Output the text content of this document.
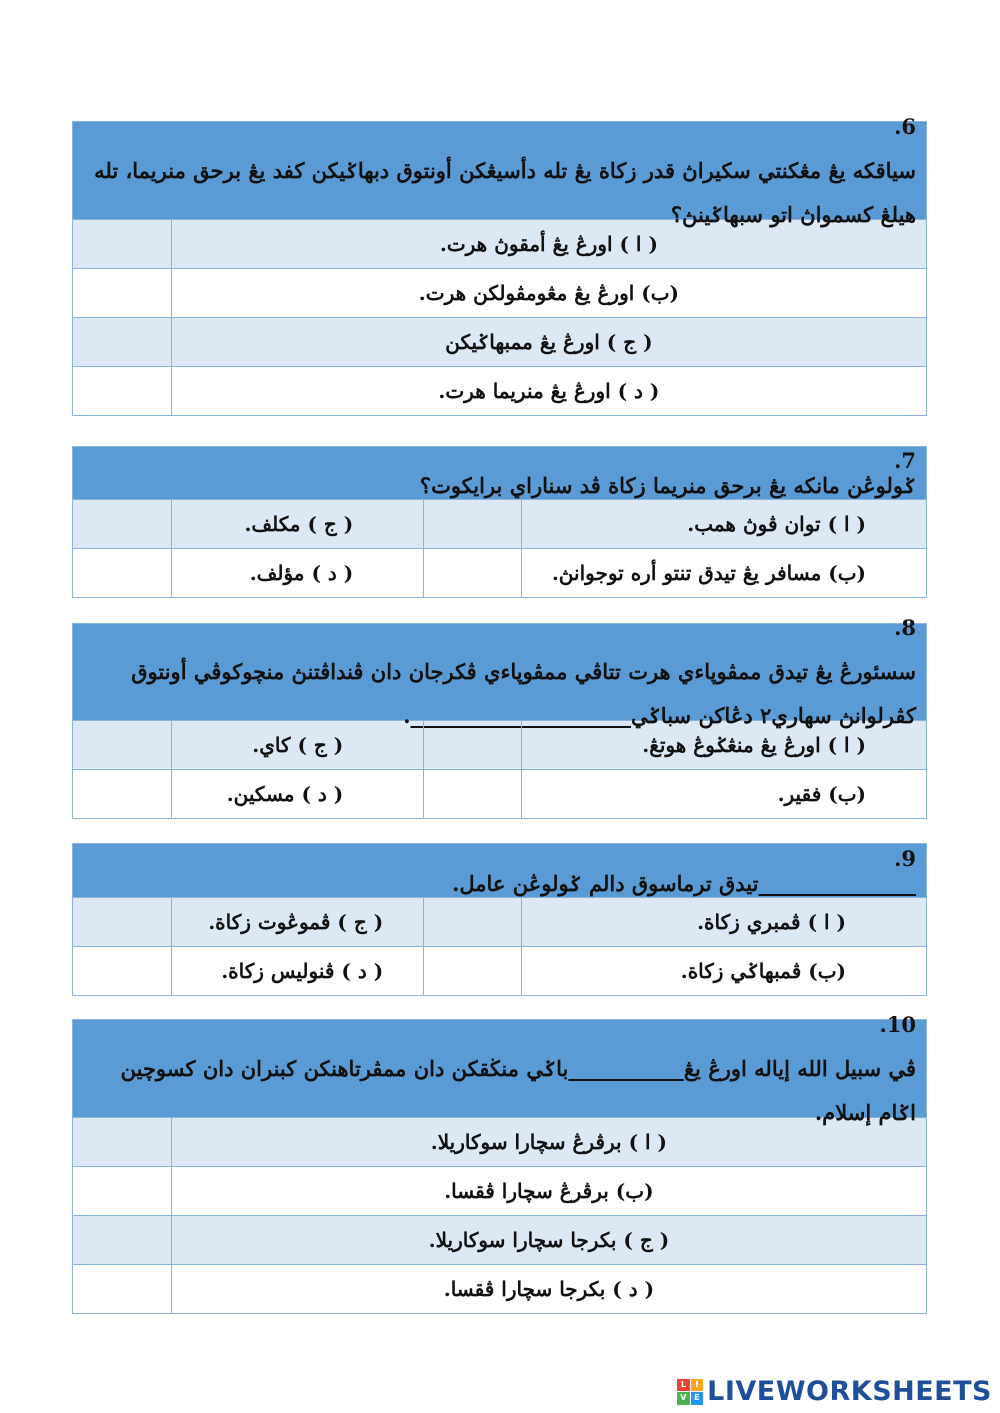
6.
سياقكه يڠ مڠكنتي سكيراڽ قدر زكاة يڠ تله دأسيڠكن أونتوق دبهاݢيكن كفد يڠ برحق منريما، تله هيلڠ كسمواڽ اتو سبهاݢينڽ؟
( ا ) اورڠ يڠ أمقوڽ هرت.
(ب) اورڠ يڠ مڠومڤولكن هرت.
( ج ) اورڠ يڠ ممبهاݢيكن
( د ) اورڠ يڠ منريما هرت.
7.
ݢولوڠن مانكه يڠ برحق منريما زكاة ڤد سناراي برايكوت؟
( ا ) توان ڤوڽ همب.
( ج ) مكلف.
(ب) مسافر يڠ تيدق تنتو أره توجوانڽ.
( د ) مؤلف.
8.
سسئورڠ يڠ تيدق ممڤوڽاءي هرت تتاڤي ممڤوڽاءي ڤكرجان دان ڤنداڤتنڽ منچوكوڤي أونتوق كڤرلوانڽ سهاري٢ دڠاكن سباݢي_____________________.
( ا ) اورڠ يڠ منڠݢوڠ هوتڠ.
( ج ) كاي.
(ب) فقير.
( د ) مسكين.
9.
_______________تيدق ترماسوق دالم ݢولوڠن عامل.
( ا ) ڤمبري زكاة.
( ج ) ڤموڠوت زكاة.
(ب) ڤمبهاݢي زكاة.
( د ) ڤنوليس زكاة.
10.
ڤي سبيل الله إياله اورڠ يڠ___________باݢي منڬقكن دان ممڤرتاهنكن كبنران دان كسوچين اݢام إسلام.
( ا ) برڤرڠ سچارا سوكاريلا.
(ب) برڤرڠ سچارا ڤقسا.
( ج ) بكرجا سچارا سوكاريلا.
( د ) بكرجا سچارا ڤقسا.
L	I
V E LIVEWORKSHEETS
